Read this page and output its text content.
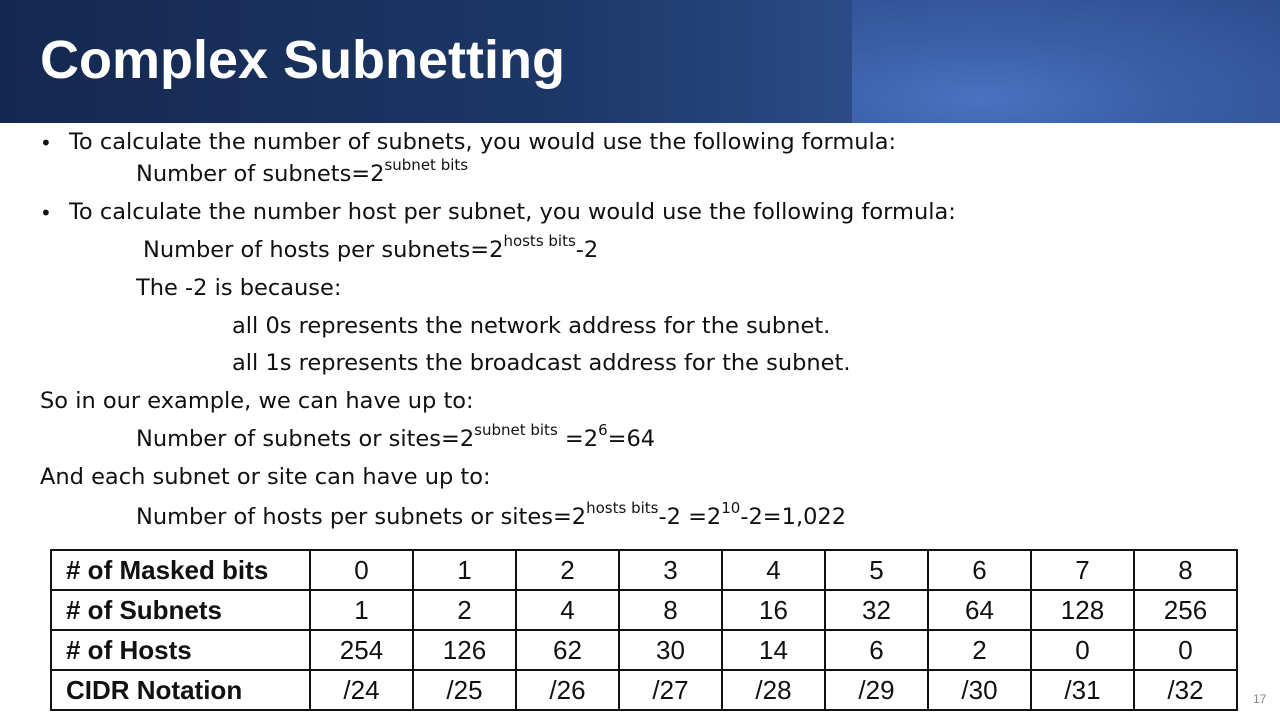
Complex Subnetting
• To calculate the number of subnets, you would use the following formula:
Number of $subnets=2^{subnet bits}$
• To calculate the number host per subnet, you would use the following formula:
Number of hosts per $subnets=2^{hosts bits}-2$
The -2 is because:
all 0s represents the network address for the subnet.
all 1s represents the broadcast address for the subnet.
So in our example, we can have up to:
Number of subnets or $sites=2^{subnet bits} =2^6=64$
And each subnet or site can have up to:
Number of hosts per subnets or $sites=2^{hosts bits}-2 =2^{10}-2=1,022$
# of Masked bits	0	1	2	3	4	5	6	7	8
# of Subnets	1	2	4	8	16	32	64	128	256
# of Hosts	254	126	62	30	14	6	2	0	0
CIDR Notation	/24	/25	/26	/27	/28	/29	/30	/31	/32	17
